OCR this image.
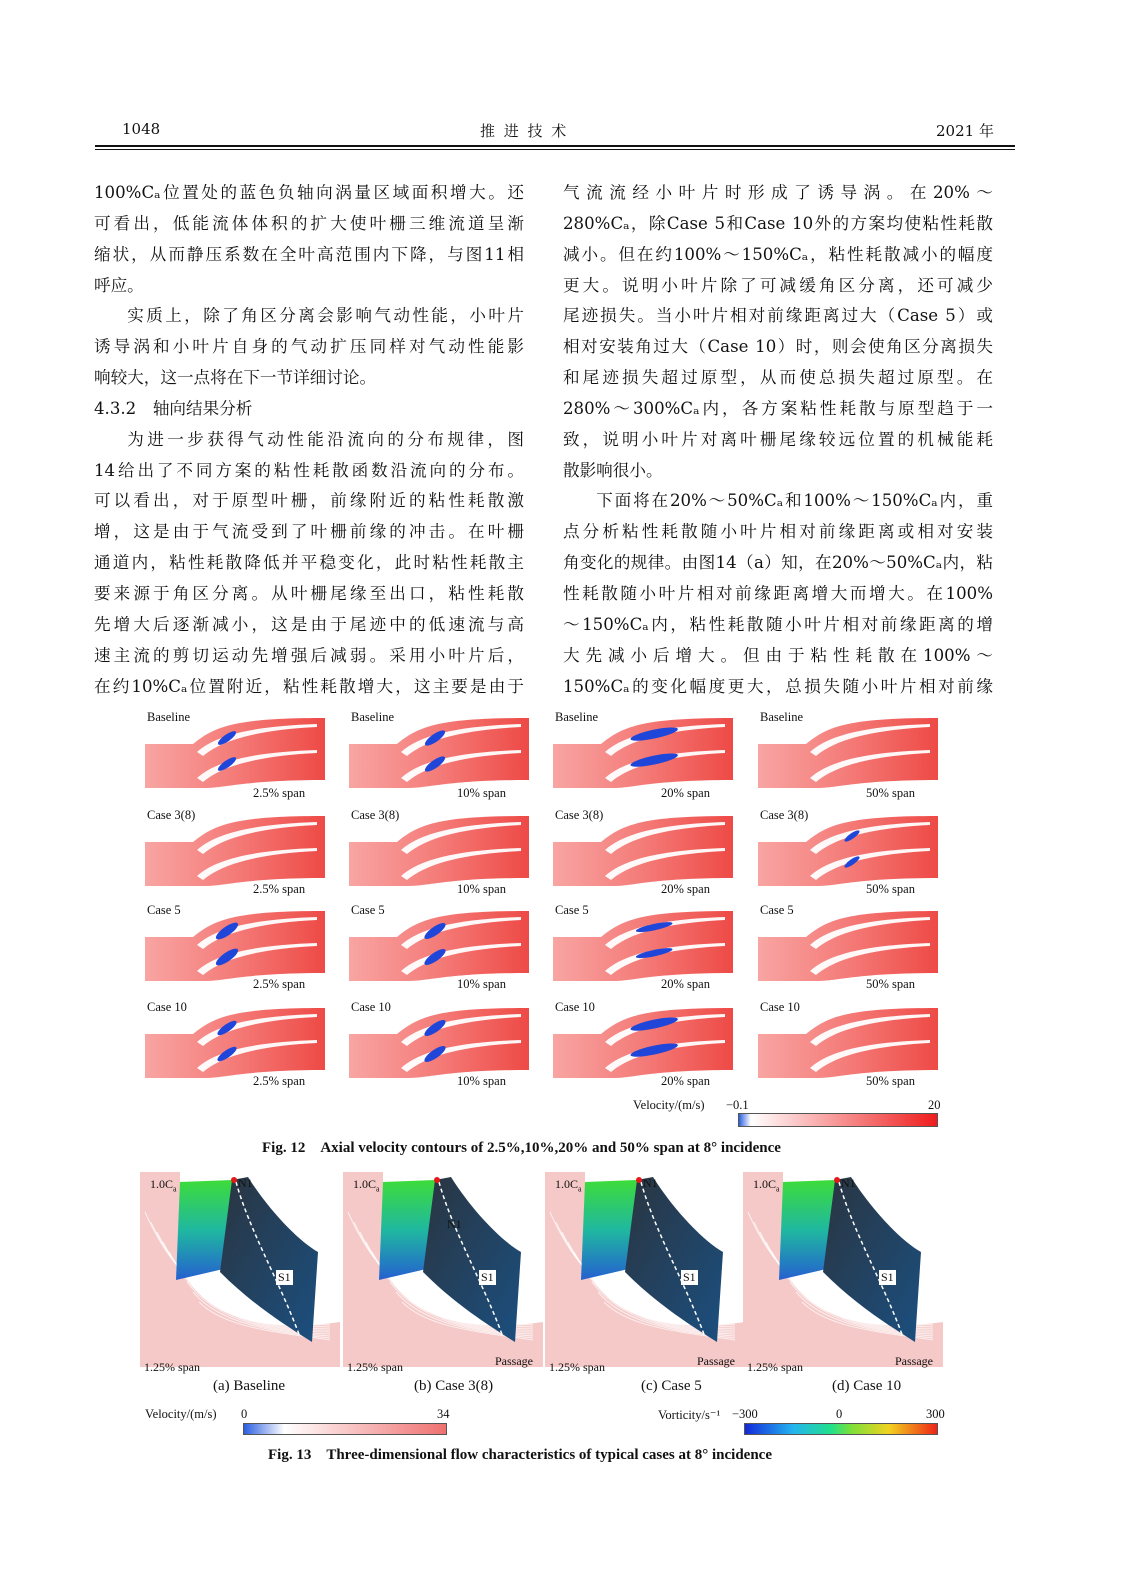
1048	推 进 技 术	2021 年

100%Cₐ位置处的蓝色负轴向涡量区域面积增大。还

可看出，低能流体体积的扩大使叶栅三维流道呈渐

缩状，从而静压系数在全叶高范围内下降，与图11相

呼应。

实质上，除了角区分离会影响气动性能，小叶片

诱导涡和小叶片自身的气动扩压同样对气动性能影

响较大，这一点将在下一节详细讨论。

4.3.2　轴向结果分析

为进一步获得气动性能沿流向的分布规律，图

14给出了不同方案的粘性耗散函数沿流向的分布。

可以看出，对于原型叶栅，前缘附近的粘性耗散激

增，这是由于气流受到了叶栅前缘的冲击。在叶栅

通道内，粘性耗散降低并平稳变化，此时粘性耗散主

要来源于角区分离。从叶栅尾缘至出口，粘性耗散

先增大后逐渐减小，这是由于尾迹中的低速流与高

速主流的剪切运动先增强后减弱。采用小叶片后，

在约10%Cₐ位置附近，粘性耗散增大，这主要是由于

气流流经小叶片时形成了诱导涡。在20%～

280%Cₐ，除Case 5和Case 10外的方案均使粘性耗散

减小。但在约100%～150%Cₐ，粘性耗散减小的幅度

更大。说明小叶片除了可减缓角区分离，还可减少

尾迹损失。当小叶片相对前缘距离过大（Case 5）或

相对安装角过大（Case 10）时，则会使角区分离损失

和尾迹损失超过原型，从而使总损失超过原型。在

280%～300%Cₐ内，各方案粘性耗散与原型趋于一

致，说明小叶片对离叶栅尾缘较远位置的机械能耗

散影响很小。

下面将在20%～50%Cₐ和100%～150%Cₐ内，重

点分析粘性耗散随小叶片相对前缘距离或相对安装

角变化的规律。由图14（a）知，在20%～50%Cₐ内，粘

性耗散随小叶片相对前缘距离增大而增大。在100%

～150%Cₐ内，粘性耗散随小叶片相对前缘距离的增

大先减小后增大。但由于粘性耗散在100%～

150%Cₐ的变化幅度更大，总损失随小叶片相对前缘

Baseline
2.5% span
Baseline
10% span
Baseline
20% span
Baseline
50% span
Case 3(8)
2.5% span
Case 3(8)
10% span
Case 3(8)
20% span
Case 3(8)
50% span
Case 5
2.5% span
Case 5
10% span
Case 5
20% span
Case 5
50% span
Case 10
2.5% span
Case 10
10% span
Case 10
20% span
Case 10
50% span
Velocity/(m/s) −0.1	20
Fig. 12　Axial velocity contours of 2.5%,10%,20% and 50% span at 8° incidence
$1.0C_a$	N1
S1
1.25% span
(a) Baseline
$1.0C_a$
N1
S1
1.25% span	Passage
(b) Case 3(8)
$1.0C_a$	N1
S1
1.25% span	Passage
(c) Case 5
$1.0C_a$	N1
S1
1.25% span	Passage
(d) Case 10
Velocity/(m/s) 0	34	Vorticity/s⁻¹ −300	0	300
Fig. 13　Three-dimensional flow characteristics of typical cases at 8° incidence
